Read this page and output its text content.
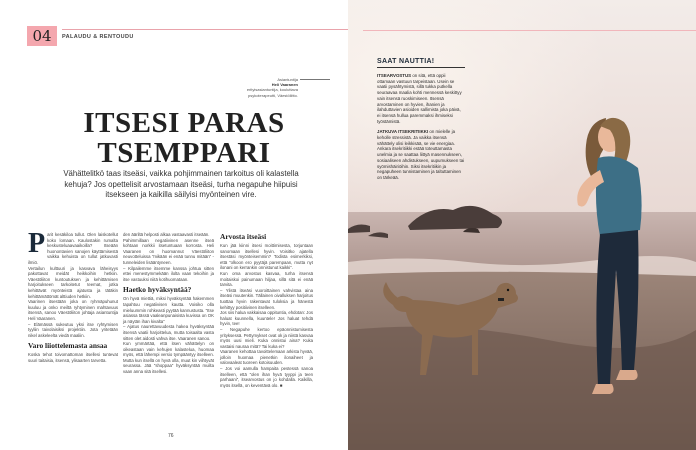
04 PALAUDU & RENTOUDU
Asiantuntija
Heli Vaaranen
erityisasiantuntija, kouluttava psykoterapeutti, Väestöliitto.
ITSESI PARAS TSEMPPARI

Vähättelitkö taas itseäsi, vaikka pohjimmainen tarkoitus oli kalastella kehuja? Jos opettelisit arvostamaan itseäsi, turha negapuhe hiipuisi itsekseen ja kaikilla säilyisi myönteinen vire.

P arit kesäkiloa tullut. Olen laiskotellut koko lomaan. Kaulostakin rumalta keskusteluaavaaikoilla? Itseään huonontavien sanojen käyttämisestä vaikka kehuista on tullut jatkuvasti ilmiö.

Vertailun kulttuuri ja kasvava läheisyys pakottavat meidät heikkoihin hetkiin. Väestöliiton kuntoutuksen ja kehittämisen harjoitukseen tarkoitetut teemat, jotka kehittävät myönteistä ajatusta ja tätäkin kehittämättömät alttiuden hetkiin.

Vaarinen itsestään joka on ryhmäpuhunut kuuluu ja onko meiltä ryhtyminen mahtavuus itsensä, sanoo Väestöliiton johtaja asiantuntija Heli Vaaranen.

– Elämässä sukeutuu yksi itse ryhtymisen tyyliin taivolaisiksi projektiin. Jota yritetään nikel askeleelta viedä maaliin.

Varo liiottelemasta ansaa

Koska tehot toivomattoman itsellesi tuntevat suuri taitaisia, itsensä, ylisaarten tarvetta.

den ääriltä helposti alkaa vastaavasti itseään.

Pahimmillaan negatiivinen asenne itseä kohtaan norkkii itsetuntuaan korrosta. Heli Vaaranen on huomannut Väestöliiton neuvotteluissa ”mikään ei enää tunnu mitään” -tunneleiden lisääntyneen.

– Kilpailemme itsemme kanssa johtua sitten ettei menestymmekään ilolta vaan tekoihin ja itse vastuuksi niitä kotihuomataan.

Haetko hyväksyntää?

On hyvä miettiä, miksi hyväksyntää hakemmen tapahtuu negatiivisen kautta. Voisiko olla mieluummin rohkeasti pyytää kannustusta. ”Itse asiassa tässä vaaleanpunaisista kuvissa on OK ja näytän ihan kivalta”

– Ajatus naurettavuudesta hakea hyväksyntää itsensä vaatii harjoittelua, mutta toisaalta vasta sitten olet aidosti vahva itse. Vaaranen sanoo.

Kun ymmärtää, että itsen vähättelyn on oikeastaan vain kehujen kalastelua, huomaa myös, että lähempi versio tympääntyy itselleen. Mutta kun itsellä on hyvä olla, muut kin viihtyvät seurassa. Jää ”shoppaa” hyväksyntää muilta vaan anna sitä itsellesi.

Arvosta itseäsi

Kun jää kiinni itsesi moittimisesta, torjuntaan sanomaan itsellesi hyvin. Voisitko ajatella itsestäsi myönteisemmin? Todista esimerkiksi, että ”olkoon ero pyytäjä parempaan, mutta nyt ilonani on kerrankin onnistunut kaikki”.

Kun oma arvostus kasvaa, turha itsensä moitaiskoi painumaan hiljaa, sillä sitä ei enää tarvita.

– Ylistä itseäsi vuoroittainen vahvistaa aina itseäsi muutenkin. Tällainen oivalluksen harjoitus tuottaa hyvin rakentavat tuloksia ja hänestä kehittyy positiivinen itselleen.

Jos siis halua vakkaisaa oppituntia, ehdotan: Jos haluat kuunnella, kuuntele! Jos haluat tehdä hyvin, tee!

– Negapuhe kertoo epäonnistumisesta yrityksessä. Pettymykset ovat ok ja niistä kasvaa myös uusi mieli. Kuka onnistui aina? Kuka vastaisi nauraa mitä? Tai kuka ei?

Vaaranen kehottaa tavoittelemaan arkista hyvää, jolloin huomaa pienetkin ilonaiheet ja valovaaleat tuoreen kotoisuuden.

– Jos voi aamulla hampaita pestessä sanoa itselleen, että ”olen ihan hyvä tyyppi ja teen parhaani”, itsearvostus on jo kohdalla. Kaikilla, myös itsellä, on keventävä olo. ■

76
SAAT NAUTTIA!

ITSEARVOSTUS on sitä, että oppii ottamaan vastuun tarpeistaan. Usein se vaatii pysähtymistä, sillä tukka putkella seuraavaa maalia kohti mennessä keskittyy vain itsensä ruoskimiseen. Itsensä arvostaminen on hyvien, ihanien ja ilahduttavien asioiden sallimista joka päivä, ei itsensä hullua paremmaksi ihmiseksi työstämistä.

JATKUVA ITSEKRITIIKKI on mielelle ja keholle stressistä. Ja vaikka itsensä vähättely olisi leikkisää, se vie energiaa. Ankara itsekritiikki estää toteuttamasta unelmia ja se saattaa liittyä masennukseen, sosiaaliseen ahdistukseen, uupumukseen tai syömishäiriöihin. Siksi itsekritiikin ja negapuheen tunnistaminen ja taltuttaminen on tärkeää.
